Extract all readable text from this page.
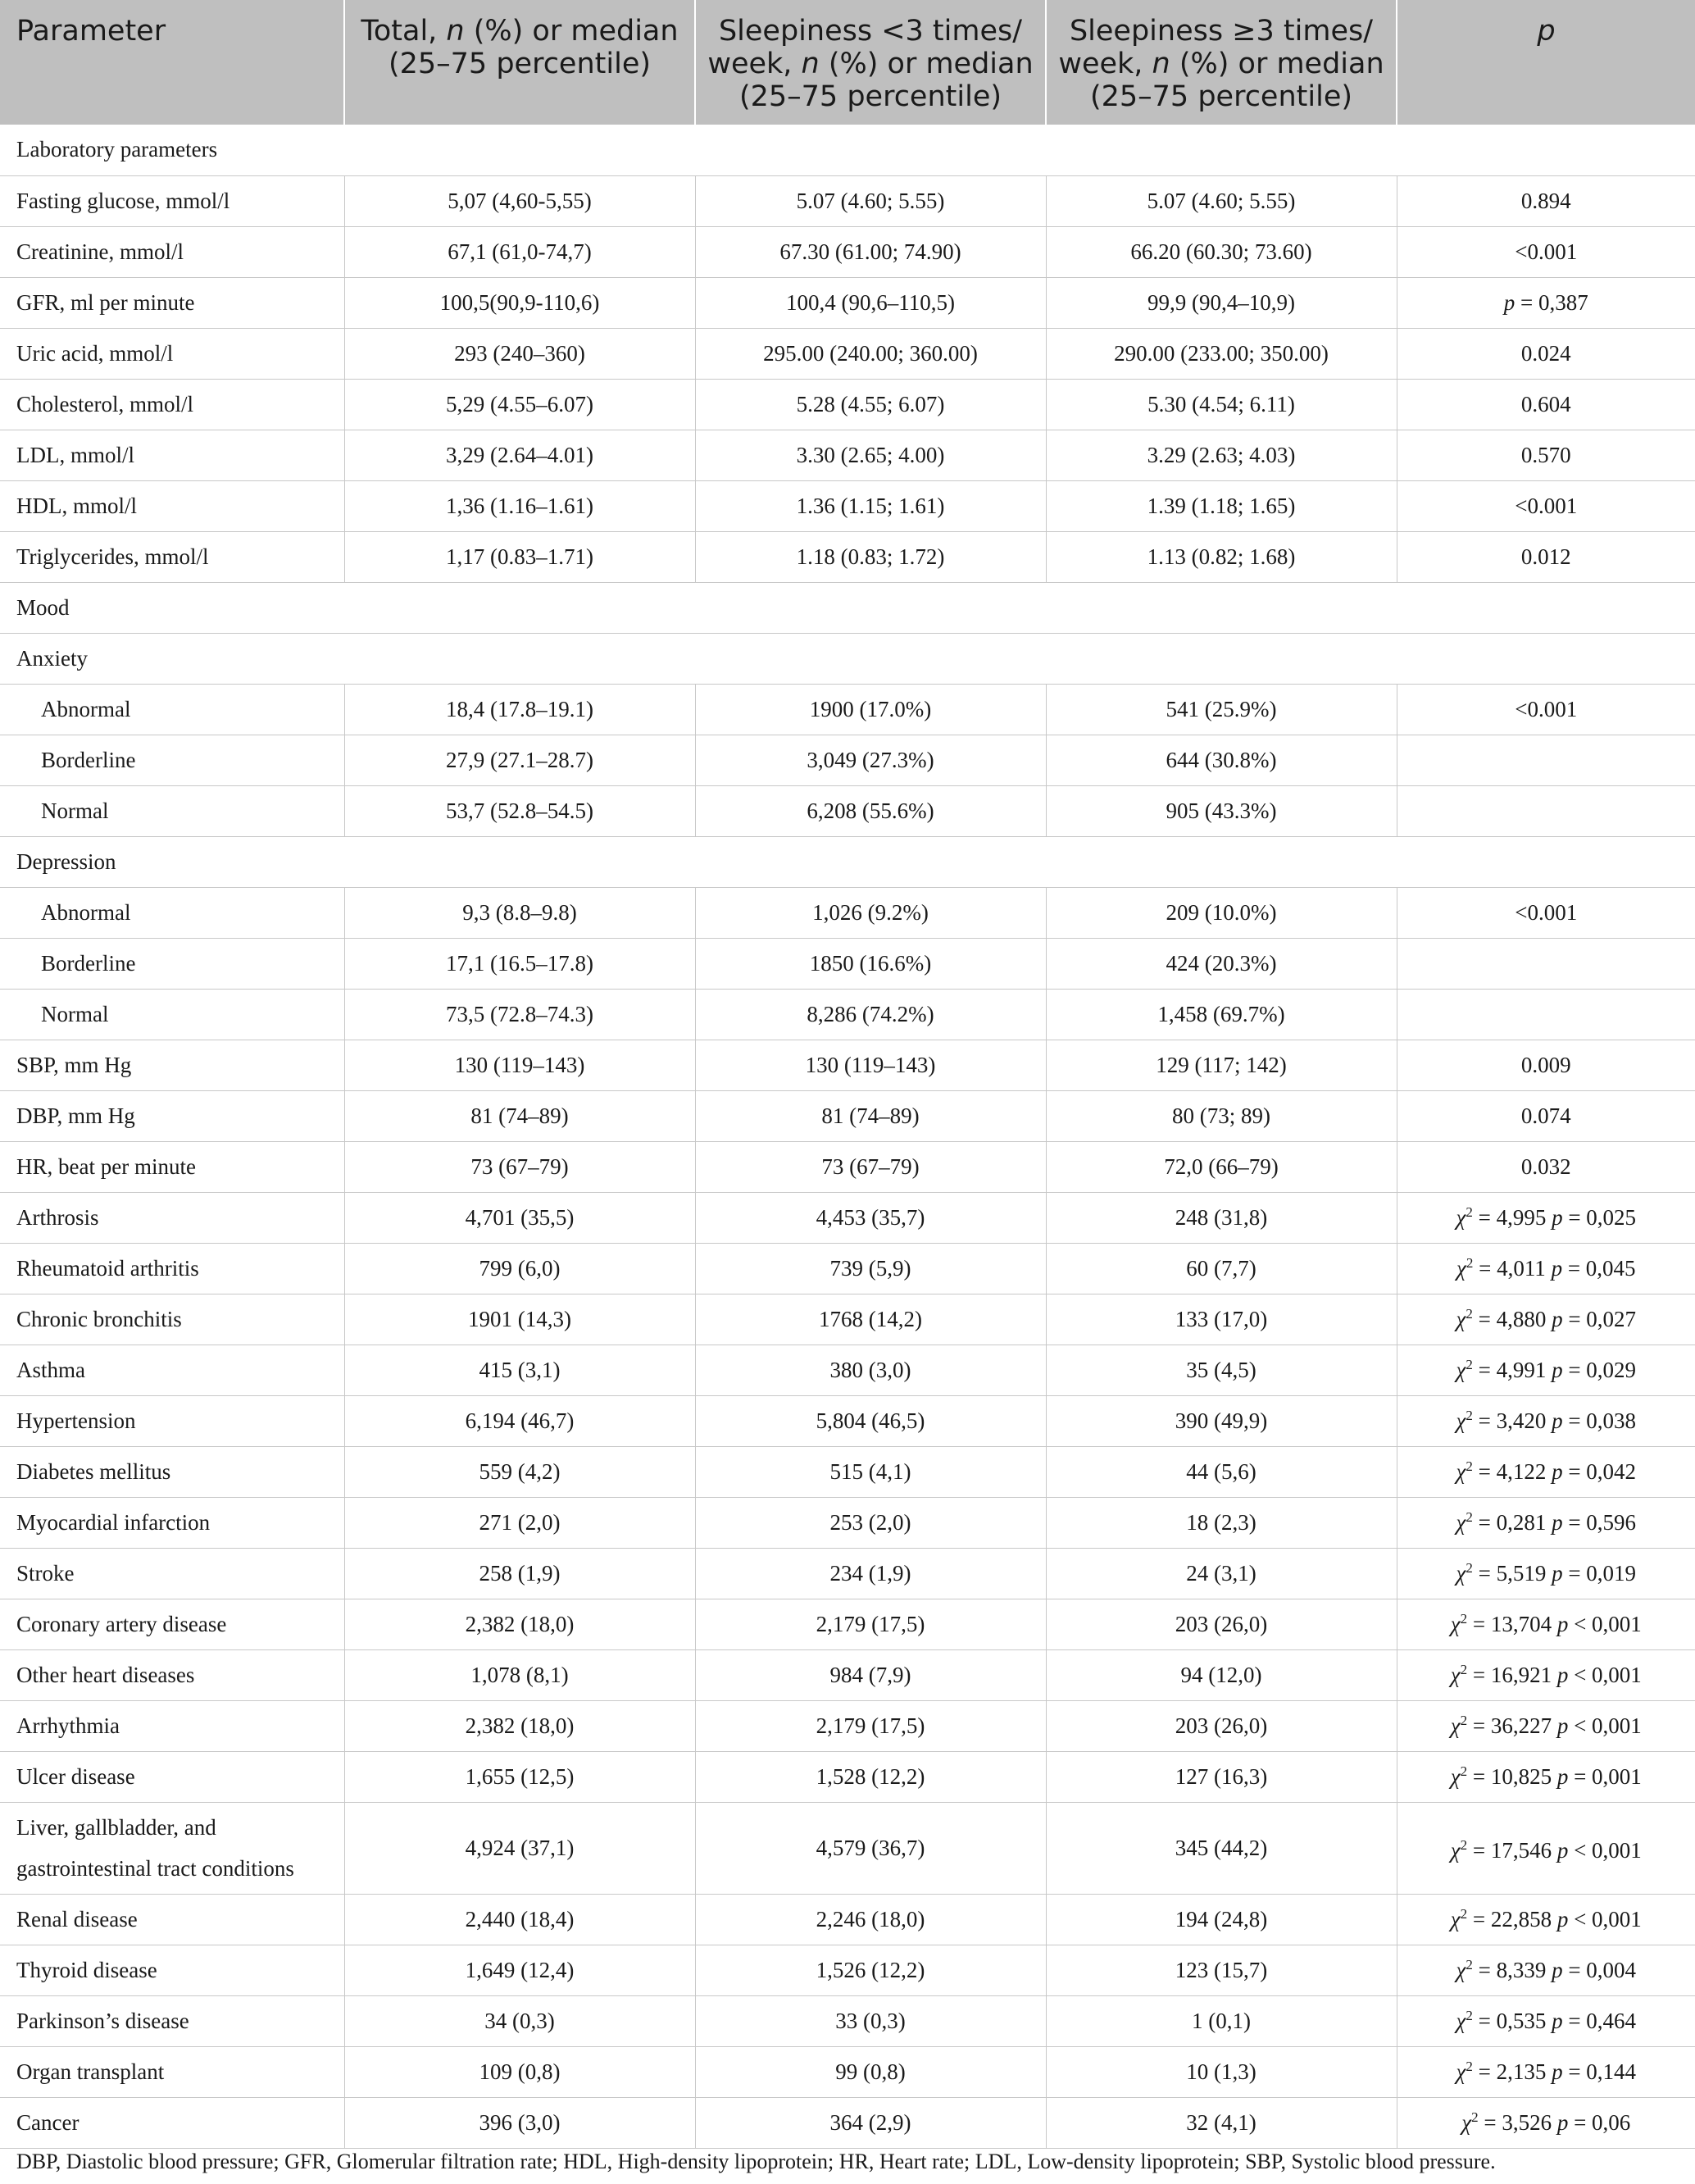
Parameter	Total, n (%) or median (25–75 percentile)	Sleepiness <3 times/ week, n (%) or median (25–75 percentile)	Sleepiness ≥3 times/ week, n (%) or median (25–75 percentile)	p
Laboratory parameters				
Fasting glucose, mmol/l	5,07 (4,60-5,55)	5.07 (4.60; 5.55)	5.07 (4.60; 5.55)	0.894
Creatinine, mmol/l	67,1 (61,0-74,7)	67.30 (61.00; 74.90)	66.20 (60.30; 73.60)	<0.001
GFR, ml per minute	100,5(90,9-110,6)	100,4 (90,6–110,5)	99,9 (90,4–10,9)	p = 0,387
Uric acid, mmol/l	293 (240–360)	295.00 (240.00; 360.00)	290.00 (233.00; 350.00)	0.024
Cholesterol, mmol/l	5,29 (4.55–6.07)	5.28 (4.55; 6.07)	5.30 (4.54; 6.11)	0.604
LDL, mmol/l	3,29 (2.64–4.01)	3.30 (2.65; 4.00)	3.29 (2.63; 4.03)	0.570
HDL, mmol/l	1,36 (1.16–1.61)	1.36 (1.15; 1.61)	1.39 (1.18; 1.65)	<0.001
Triglycerides, mmol/l	1,17 (0.83–1.71)	1.18 (0.83; 1.72)	1.13 (0.82; 1.68)	0.012
Mood				
Anxiety				
Abnormal	18,4 (17.8–19.1)	1900 (17.0%)	541 (25.9%)	<0.001
Borderline	27,9 (27.1–28.7)	3,049 (27.3%)	644 (30.8%)	
Normal	53,7 (52.8–54.5)	6,208 (55.6%)	905 (43.3%)	
Depression				
Abnormal	9,3 (8.8–9.8)	1,026 (9.2%)	209 (10.0%)	<0.001
Borderline	17,1 (16.5–17.8)	1850 (16.6%)	424 (20.3%)	
Normal	73,5 (72.8–74.3)	8,286 (74.2%)	1,458 (69.7%)	
SBP, mm Hg	130 (119–143)	130 (119–143)	129 (117; 142)	0.009
DBP, mm Hg	81 (74–89)	81 (74–89)	80 (73; 89)	0.074
HR, beat per minute	73 (67–79)	73 (67–79)	72,0 (66–79)	0.032
Arthrosis	4,701 (35,5)	4,453 (35,7)	248 (31,8)	$\chi^2 = 4,995$ p = 0,025
Rheumatoid arthritis	799 (6,0)	739 (5,9)	60 (7,7)	$\chi^2 = 4,011$ p = 0,045
Chronic bronchitis	1901 (14,3)	1768 (14,2)	133 (17,0)	$\chi^2 = 4,880$ p = 0,027
Asthma	415 (3,1)	380 (3,0)	35 (4,5)	$\chi^2 = 4,991$ p = 0,029
Hypertension	6,194 (46,7)	5,804 (46,5)	390 (49,9)	$\chi^2 = 3,420$ p = 0,038
Diabetes mellitus	559 (4,2)	515 (4,1)	44 (5,6)	$\chi^2 = 4,122$ p = 0,042
Myocardial infarction	271 (2,0)	253 (2,0)	18 (2,3)	$\chi^2 = 0,281$ p = 0,596
Stroke	258 (1,9)	234 (1,9)	24 (3,1)	$\chi^2 = 5,519$ p = 0,019
Coronary artery disease	2,382 (18,0)	2,179 (17,5)	203 (26,0)	$\chi^2 = 13,704$ p < 0,001
Other heart diseases	1,078 (8,1)	984 (7,9)	94 (12,0)	$\chi^2 = 16,921$ p < 0,001
Arrhythmia	2,382 (18,0)	2,179 (17,5)	203 (26,0)	$\chi^2 = 36,227$ p < 0,001
Ulcer disease	1,655 (12,5)	1,528 (12,2)	127 (16,3)	$\chi^2 = 10,825$ p = 0,001
Liver, gallbladder, and gastrointestinal tract conditions	4,924 (37,1)	4,579 (36,7)	345 (44,2)	$\chi^2 = 17,546$ p < 0,001
Renal disease	2,440 (18,4)	2,246 (18,0)	194 (24,8)	$\chi^2 = 22,858$ p < 0,001
Thyroid disease	1,649 (12,4)	1,526 (12,2)	123 (15,7)	$\chi^2 = 8,339$ p = 0,004
Parkinson’s disease	34 (0,3)	33 (0,3)	1 (0,1)	$\chi^2 = 0,535$ p = 0,464
Organ transplant	109 (0,8)	99 (0,8)	10 (1,3)	$\chi^2 = 2,135$ p = 0,144
Cancer	396 (3,0)	364 (2,9)	32 (4,1)	$\chi^2 = 3,526$ p = 0,06
DBP, Diastolic blood pressure; GFR, Glomerular filtration rate; HDL, High-density lipoprotein; HR, Heart rate; LDL, Low-density lipoprotein; SBP, Systolic blood pressure.
